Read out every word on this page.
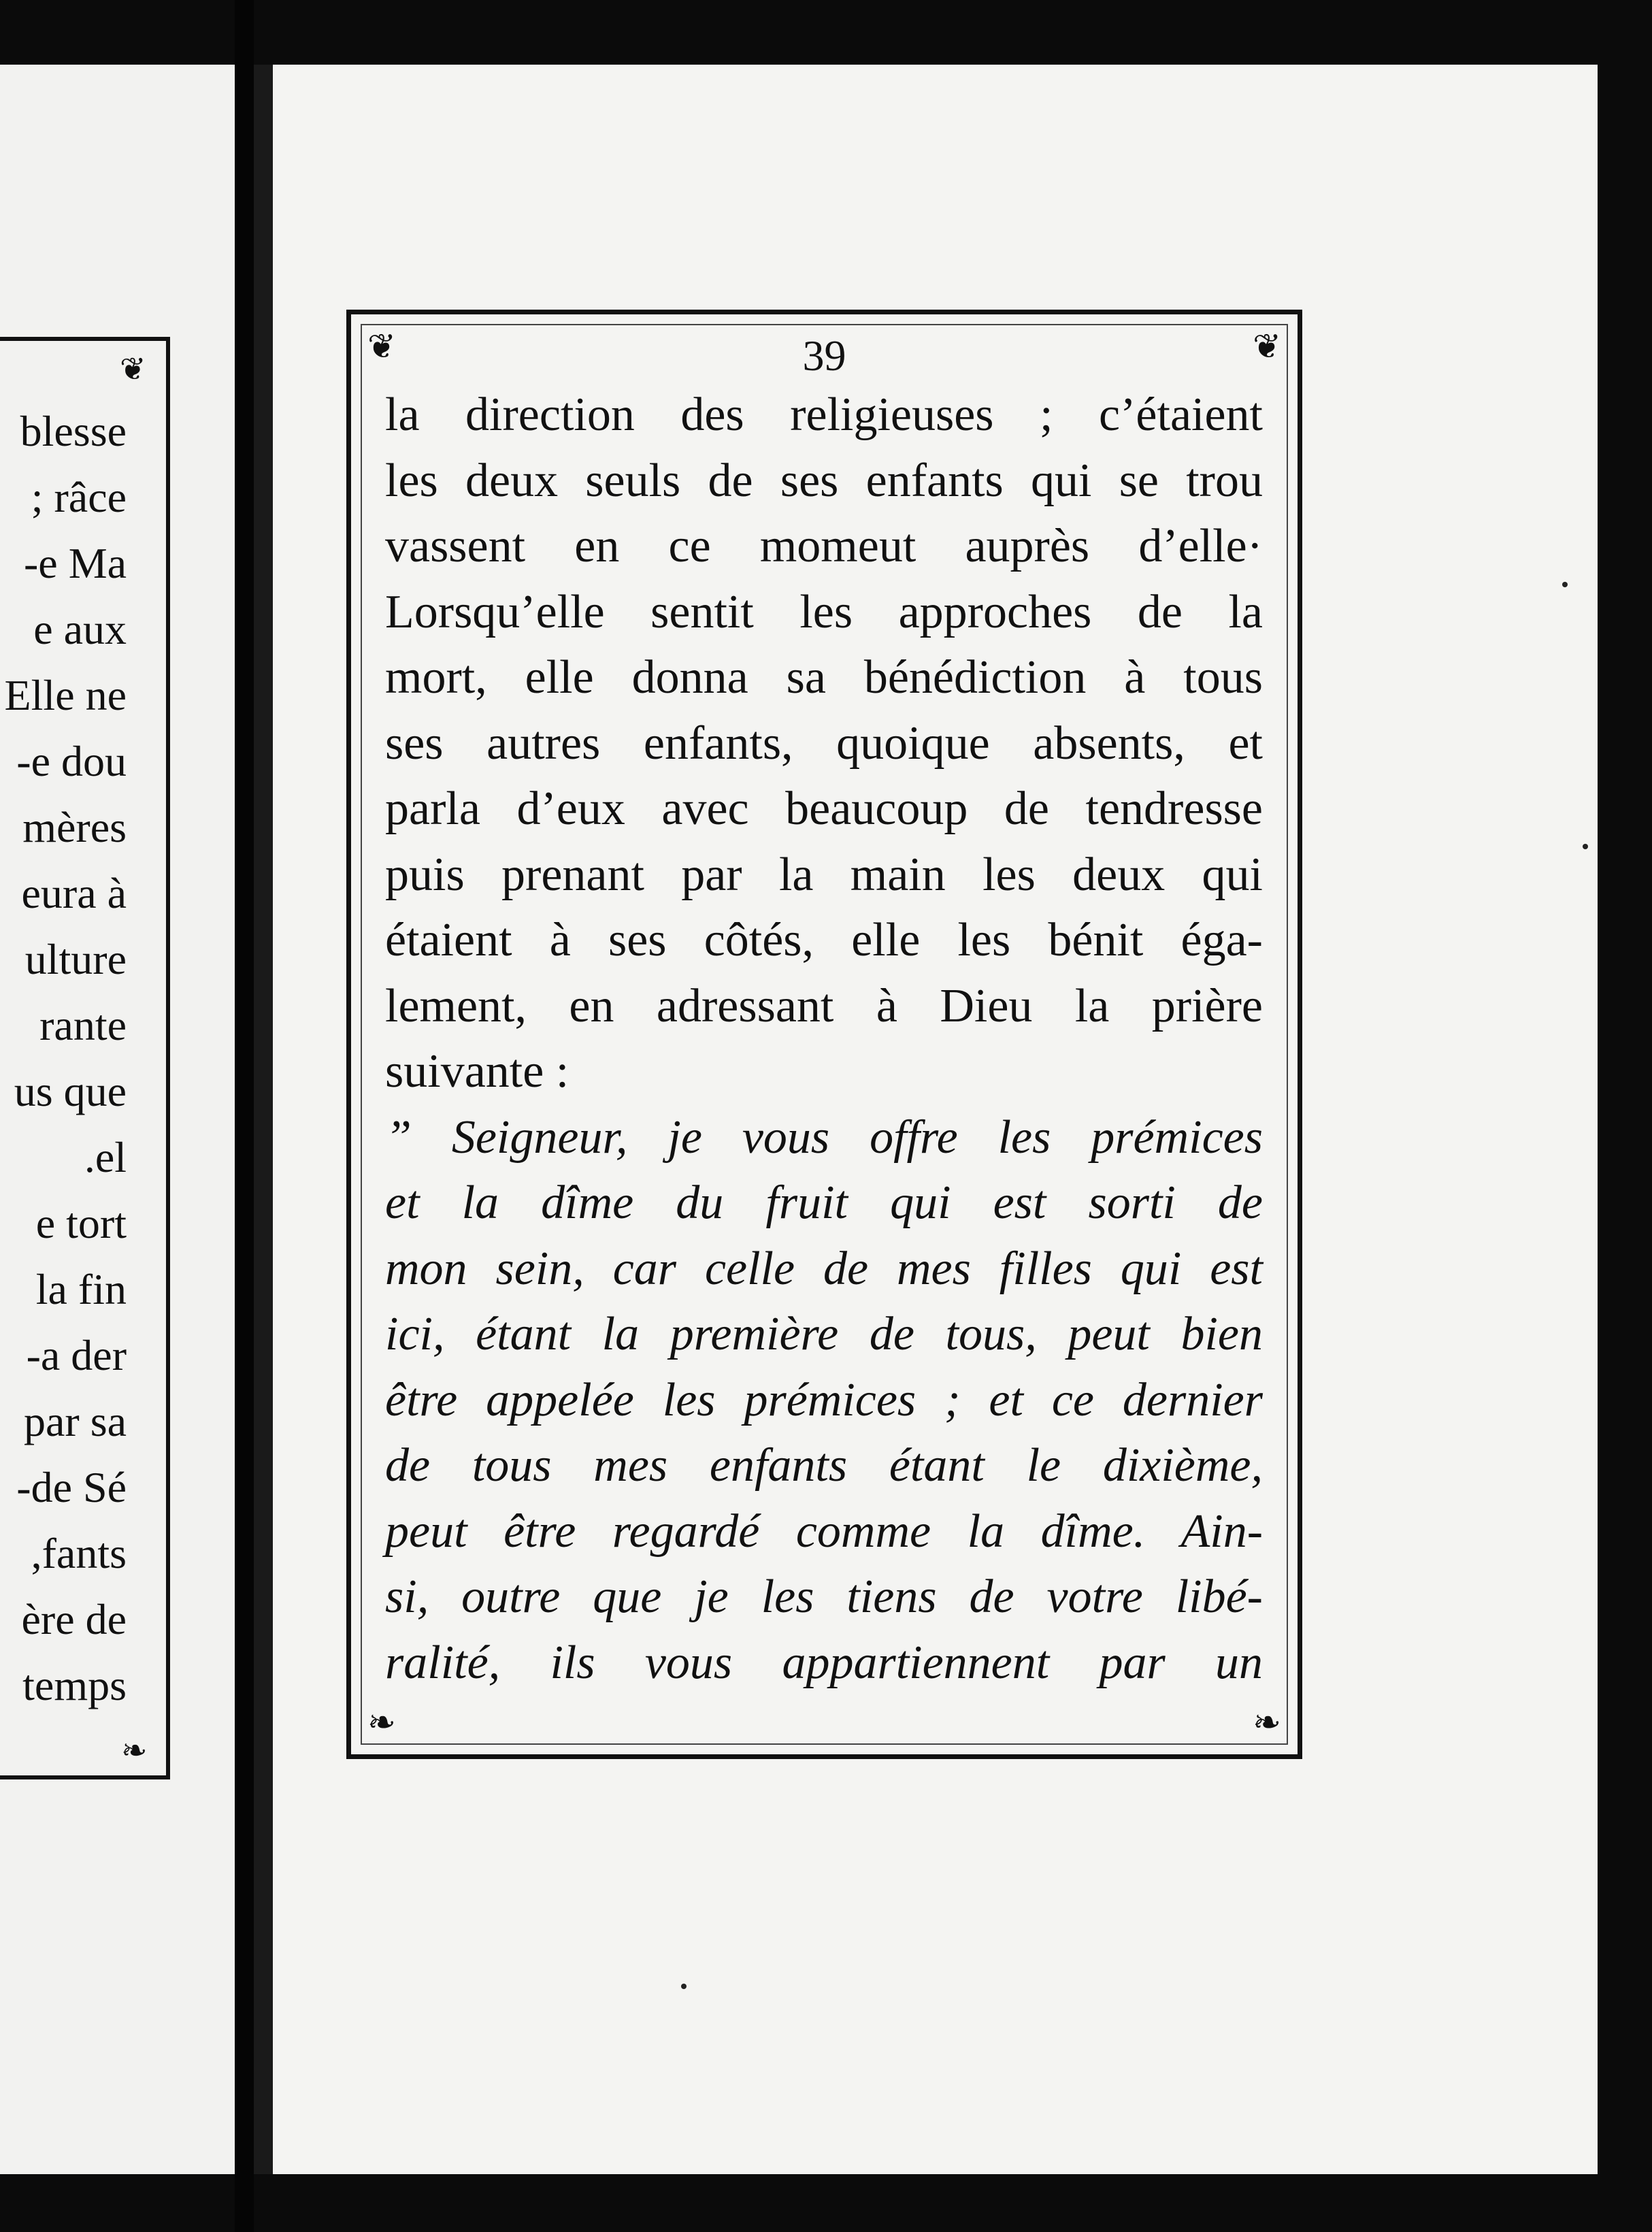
❦
❧
blesse
râce ;
e Ma-
e aux
Elle ne
e dou-
mères
eura à
ulture
rante
us que
el.
e tort
la fin
a der-
par sa
de Sé-
fants,
ère de
temps
❦	❦
❧	❧
39
la direction des religieuses ; c’étaient
les deux seuls de ses enfants qui se trou
vassent en ce momeut auprès d’elle·
Lorsqu’elle sentit les approches de la
mort, elle donna sa bénédiction à tous
ses autres enfants, quoique absents, et
parla d’eux avec beaucoup de tendresse
puis prenant par la main les deux qui
étaient à ses côtés, elle les bénit éga-
lement, en adressant à Dieu la prière
suivante :
” Seigneur, je vous offre les prémices
et la dîme du fruit qui est sorti de
mon sein, car celle de mes filles qui est
ici, étant la première de tous, peut bien
être appelée les prémices ; et ce dernier
de tous mes enfants étant le dixième,
peut être regardé comme la dîme. Ain-
si, outre que je les tiens de votre libé-
ralité, ils vous appartiennent par un
